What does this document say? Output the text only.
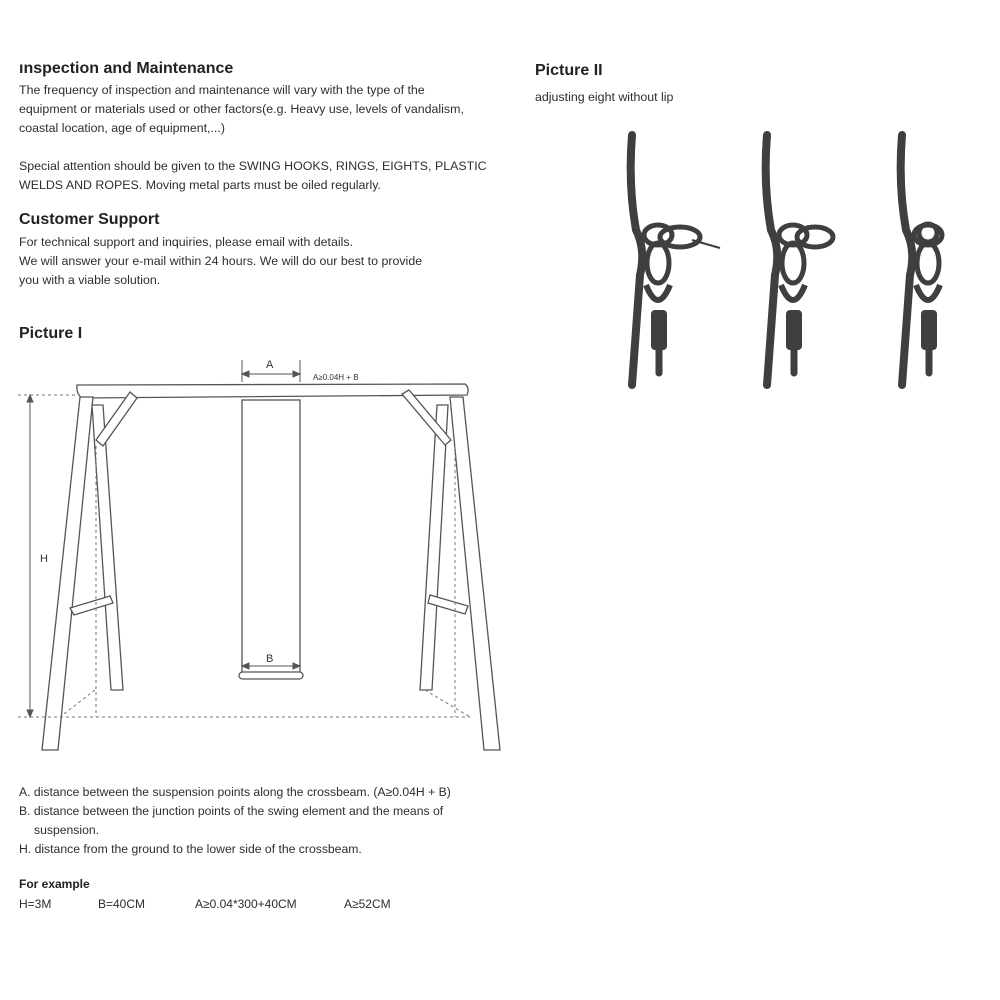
ınspection and Maintenance

The frequency of inspection and maintenance will vary with the type of the
equipment or materials used or other factors(e.g. Heavy use, levels of vandalism,
coastal location, age of equipment,...)

Special attention should be given to the SWING HOOKS, RINGS, EIGHTS, PLASTIC
WELDS AND ROPES. Moving metal parts must be oiled regularly.

Customer Support

For technical support and inquiries, please email with details.
We will answer your e-mail within 24 hours. We will do our best to provide
you with a viable solution.

Picture I
A
A≥0.04H + B
H
B
A. distance between the suspension points along the crossbeam. (A≥0.04H + B)
B. distance between the junction points of the swing element and the means of
suspension.
H. distance from the ground to the lower side of the crossbeam.
For example
H=3M	B=40CM	A≥0.04*300+40CM	A≥52CM
Picture II

adjusting eight without lip
